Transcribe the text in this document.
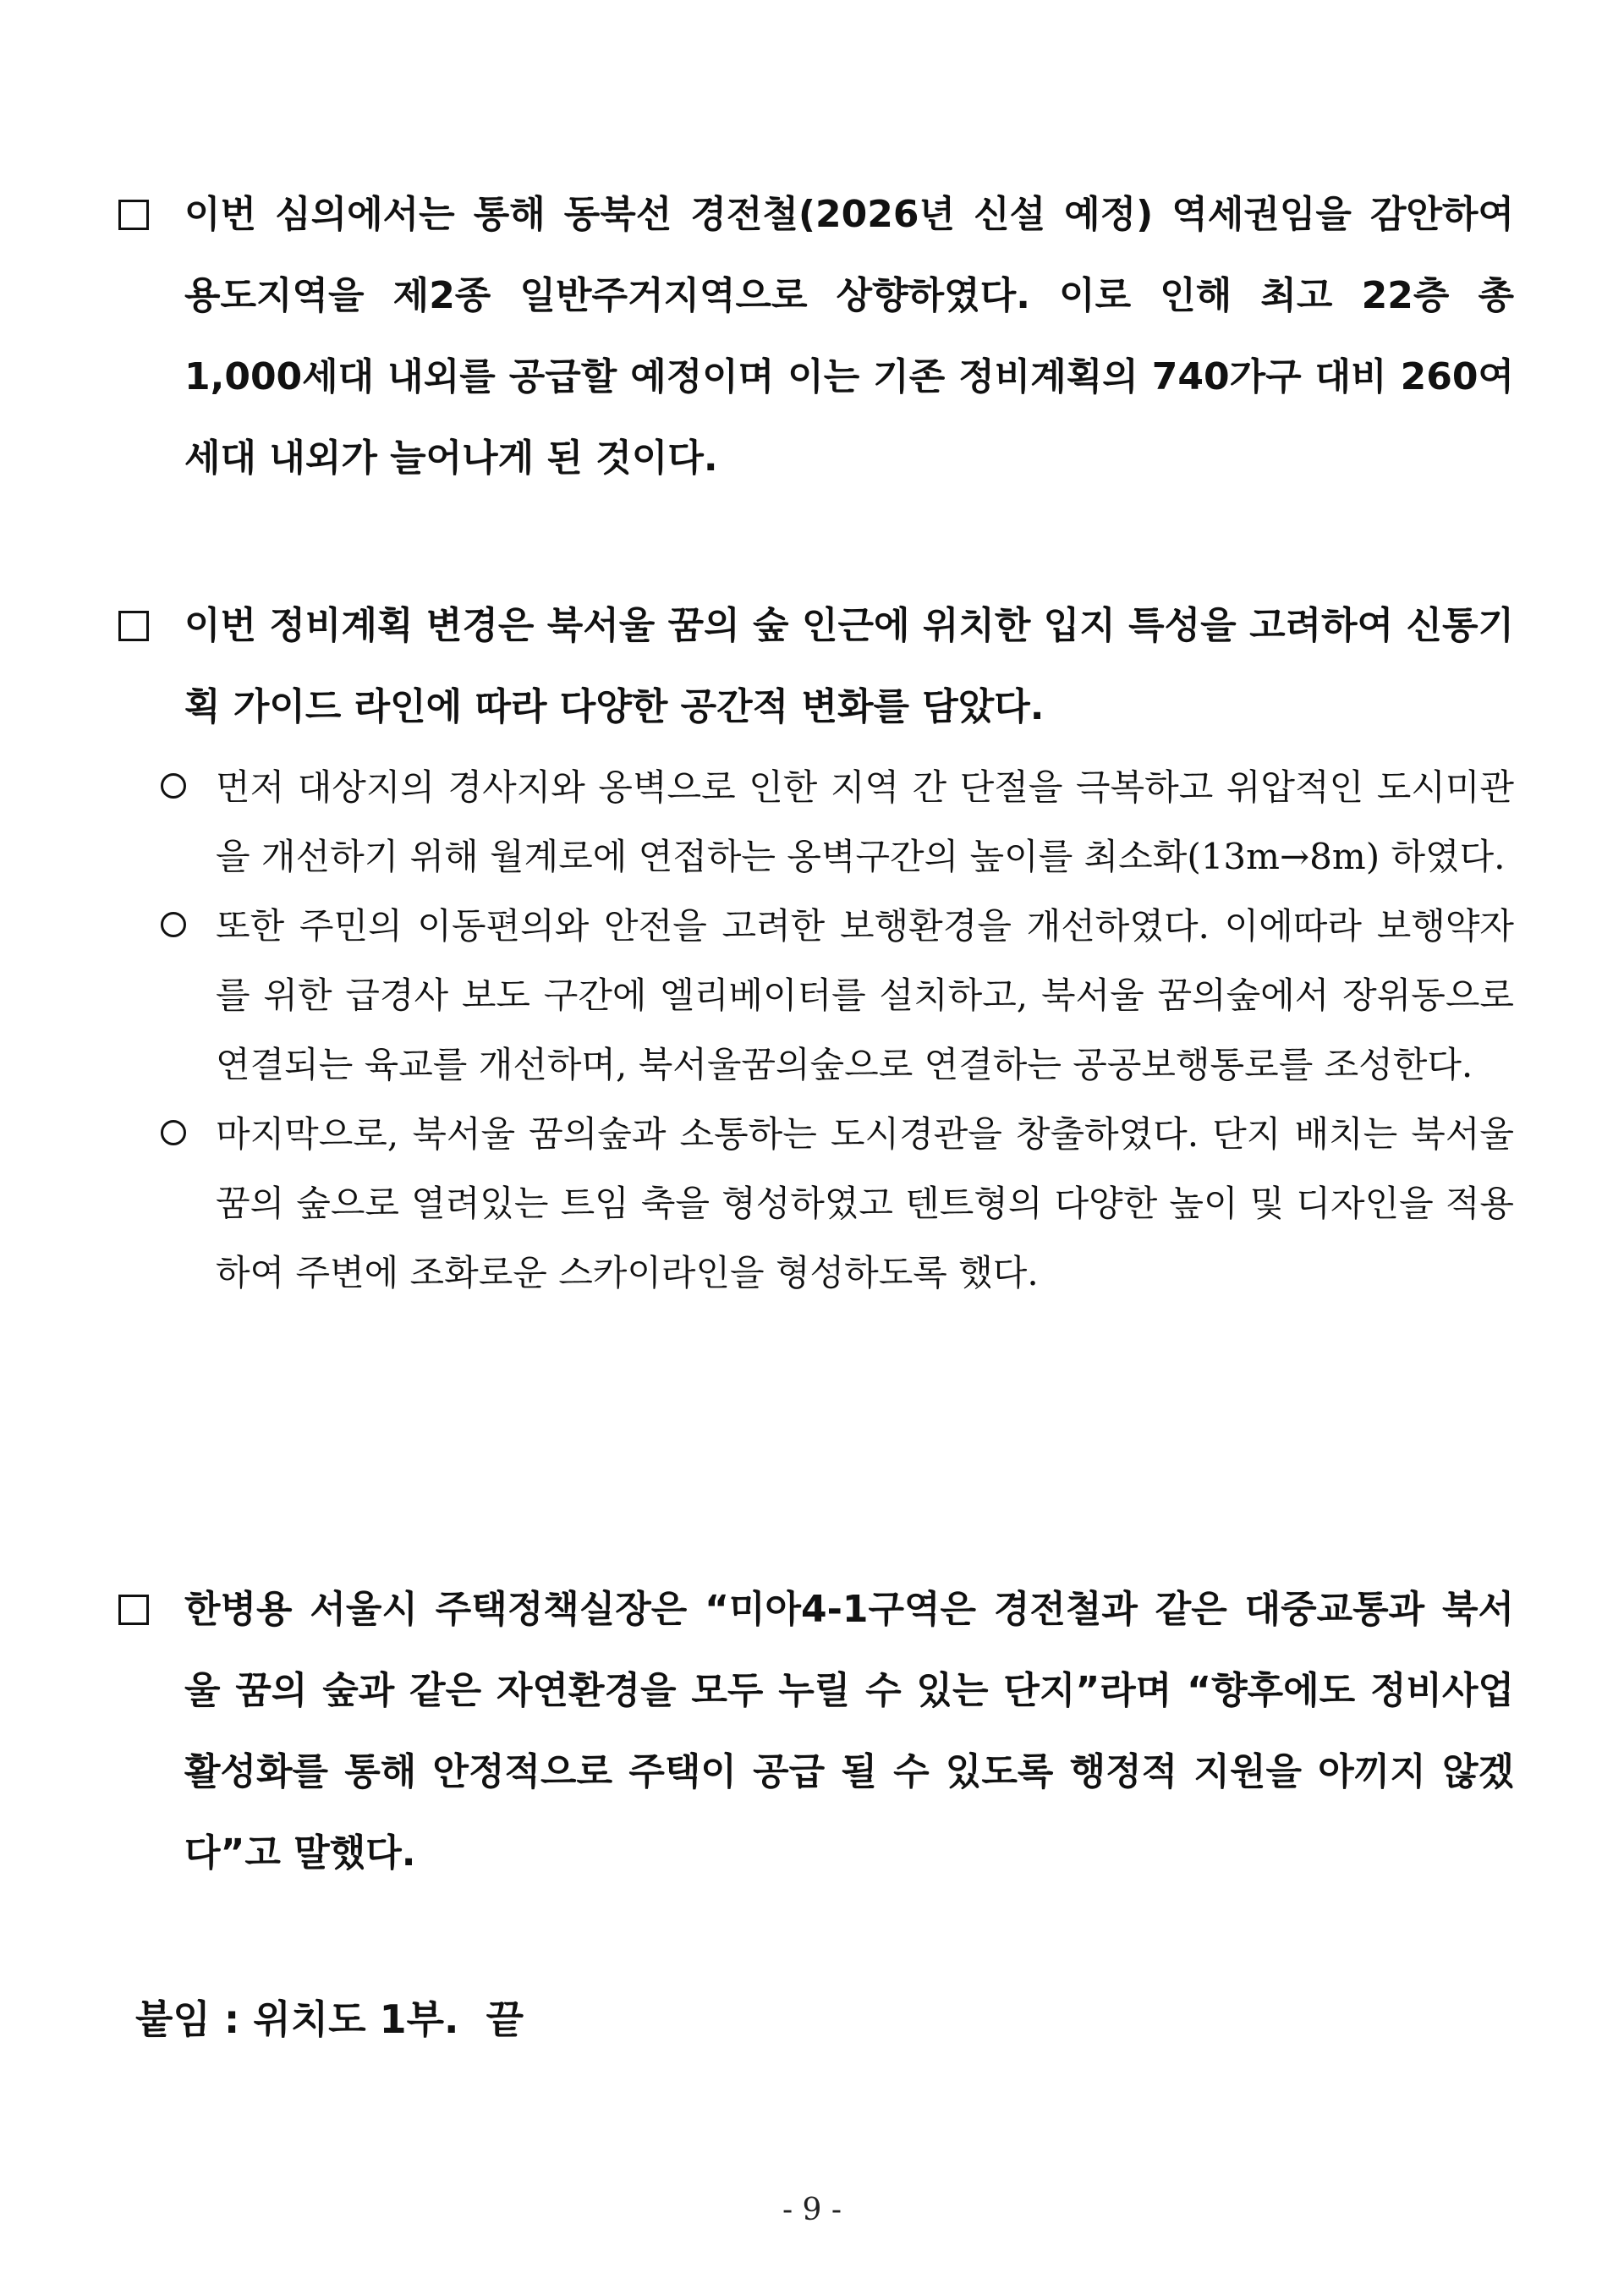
이번 심의에서는 통해 동북선 경전철(2026년 신설 예정) 역세권임을 감안하여 용도지역을 제2종 일반주거지역으로 상향하였다. 이로 인해 최고 22층 총 1,000세대 내외를 공급할 예정이며 이는 기존 정비계획의 740가구 대비 260여 세대 내외가 늘어나게 된 것이다.
이번 정비계획 변경은 북서울 꿈의 숲 인근에 위치한 입지 특성을 고려하여 신통기획 가이드 라인에 따라 다양한 공간적 변화를 담았다.
먼저 대상지의 경사지와 옹벽으로 인한 지역 간 단절을 극복하고 위압적인 도시미관을 개선하기 위해 월계로에 연접하는 옹벽구간의 높이를 최소화(13m→8m) 하였다.
또한 주민의 이동편의와 안전을 고려한 보행환경을 개선하였다. 이에따라 보행약자를 위한 급경사 보도 구간에 엘리베이터를 설치하고, 북서울 꿈의숲에서 장위동으로 연결되는 육교를 개선하며, 북서울꿈의숲으로 연결하는 공공보행통로를 조성한다.
마지막으로, 북서울 꿈의숲과 소통하는 도시경관을 창출하였다. 단지 배치는 북서울 꿈의 숲으로 열려있는 트임 축을 형성하였고 텐트형의 다양한 높이 및 디자인을 적용하여 주변에 조화로운 스카이라인을 형성하도록 했다.
한병용 서울시 주택정책실장은 “미아4-1구역은 경전철과 같은 대중교통과 북서울 꿈의 숲과 같은 자연환경을 모두 누릴 수 있는 단지”라며 “향후에도 정비사업 활성화를 통해 안정적으로 주택이 공급 될 수 있도록 행정적 지원을 아끼지 않겠다”고 말했다.
붙임 : 위치도 1부.  끝
- 9 -
